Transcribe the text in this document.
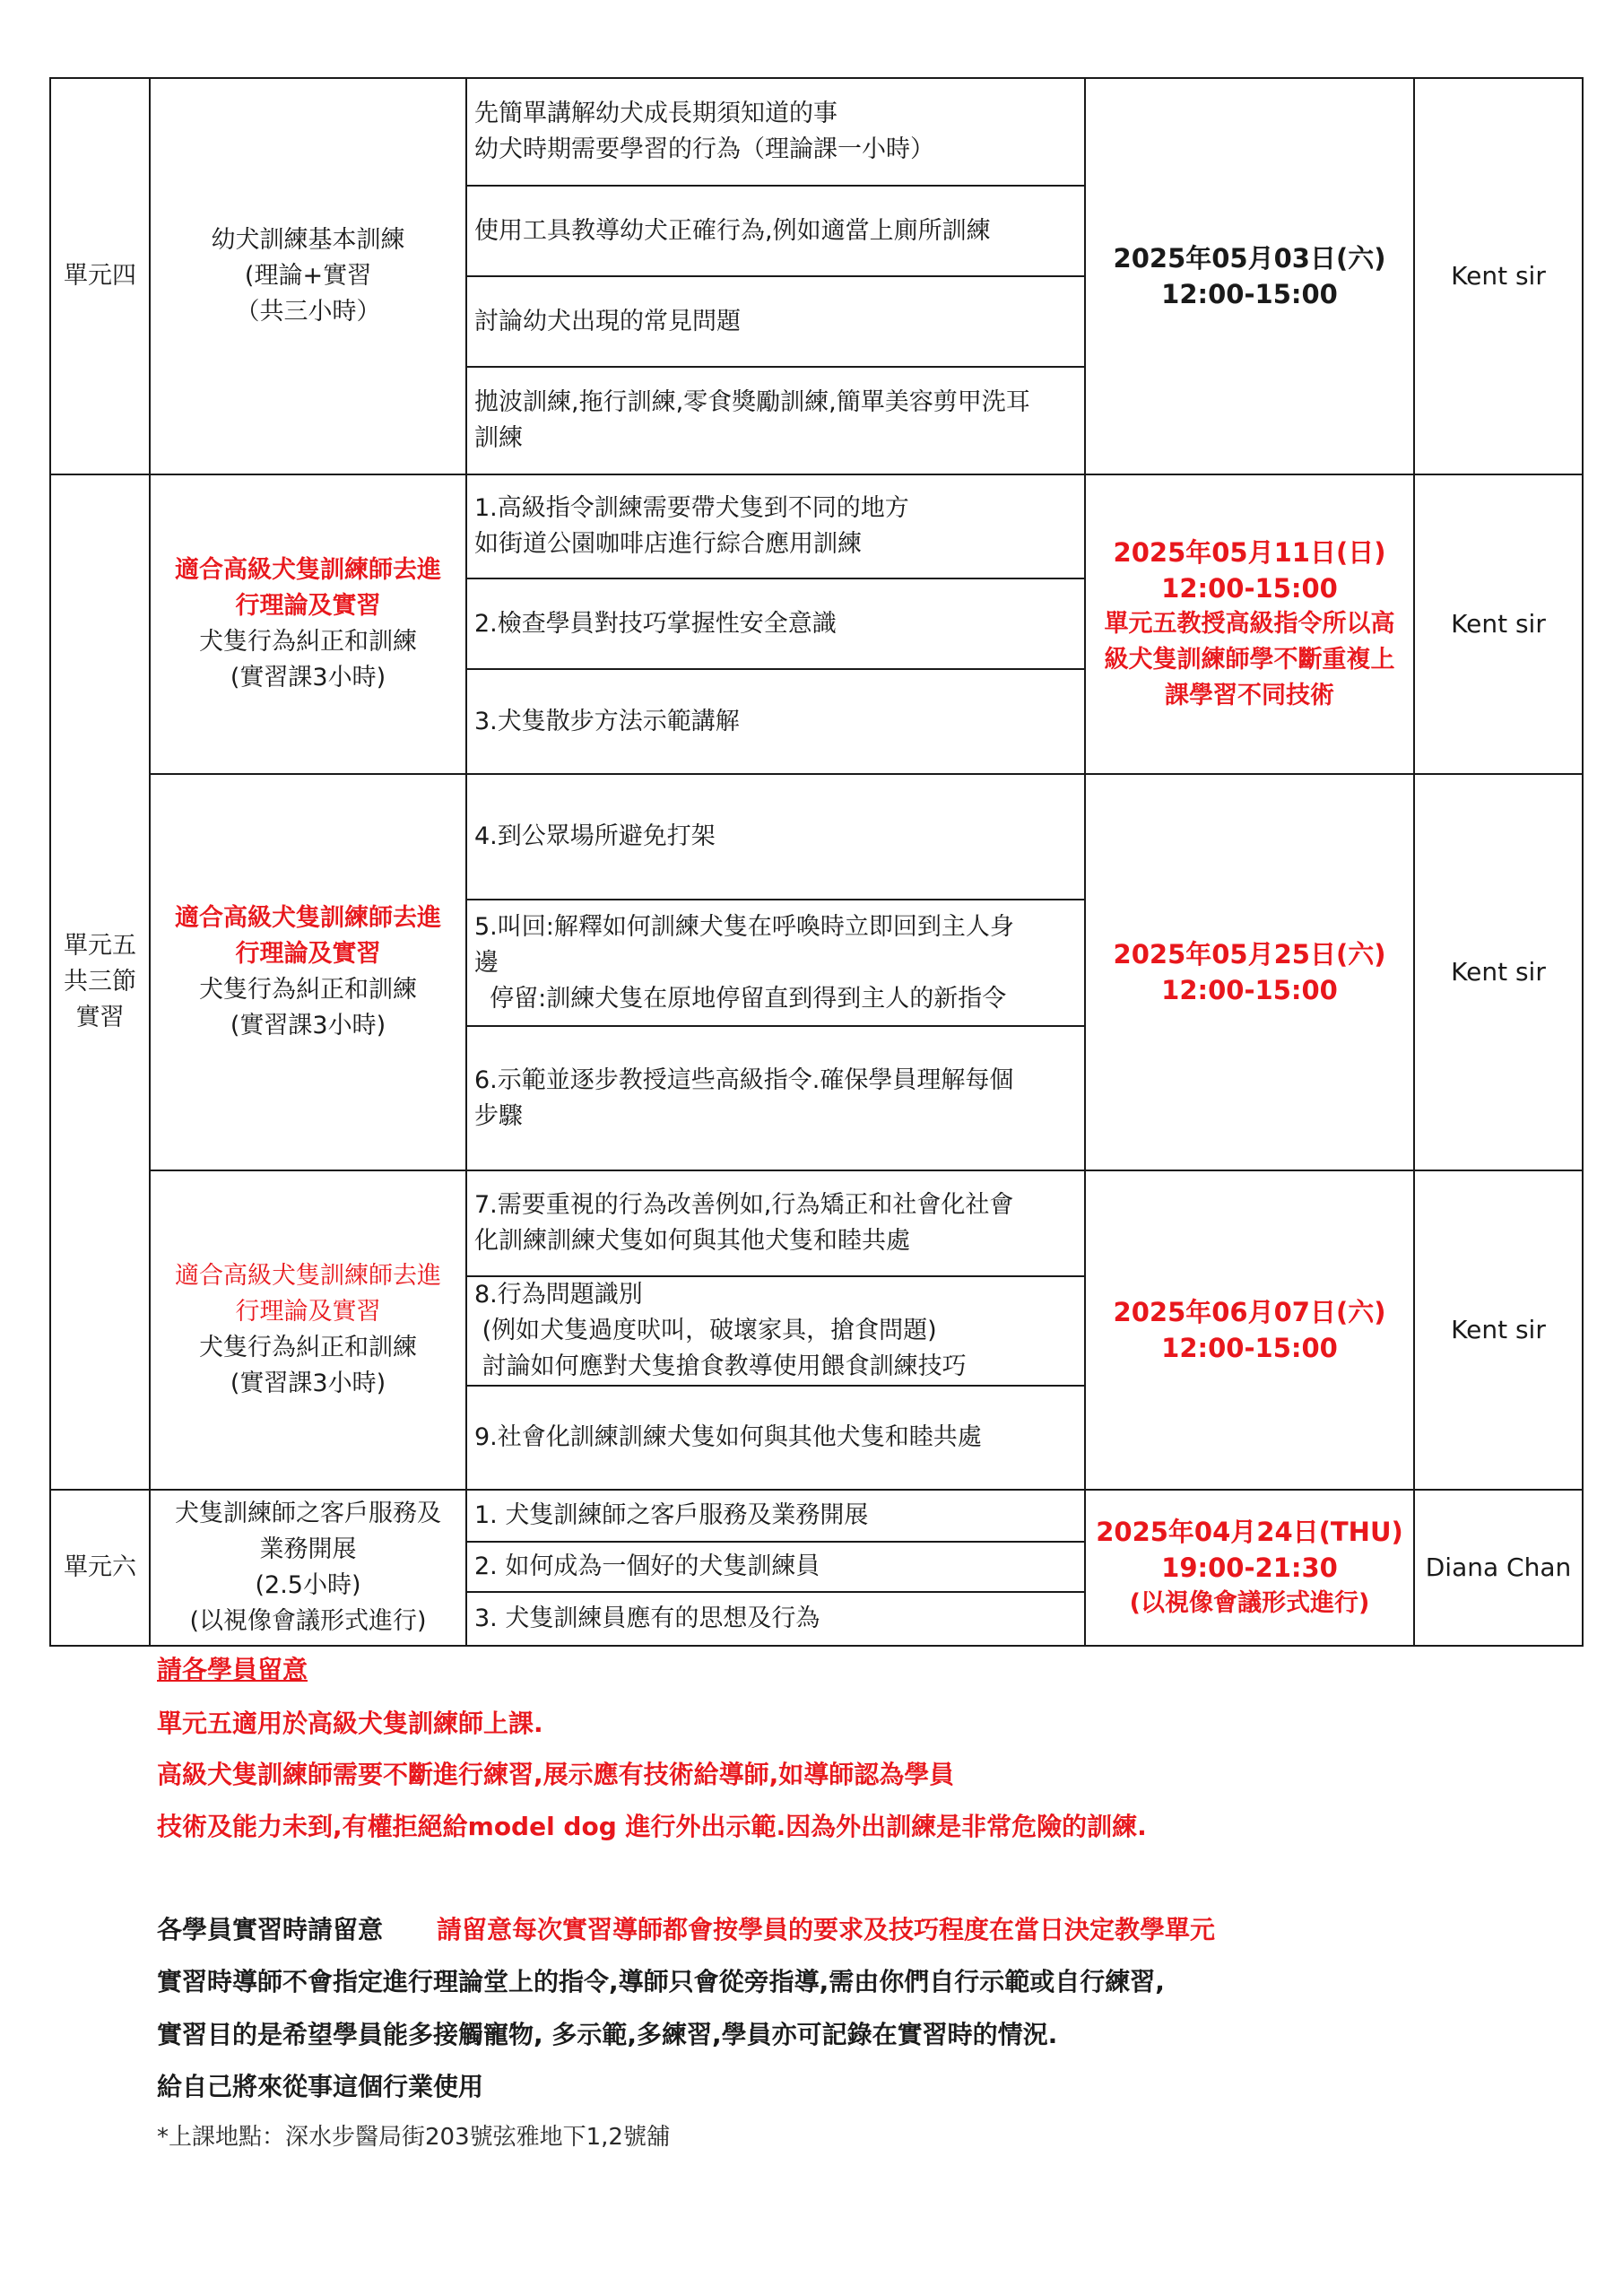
單元四	幼犬訓練基本訓練
(理論+實習
（共三小時）	先簡單講解幼犬成長期須知道的事
幼犬時期需要學習的行為（理論課一小時）	2025年05月03日(六)
12:00-15:00	Kent sir
		使用工具教導幼犬正確行為,例如適當上廁所訓練		
		討論幼犬出現的常見問題		

		拋波訓練,拖行訓練,零食獎勵訓練,簡單美容剪甲洗耳
訓練		

單元五
共三節
實習	適合高級犬隻訓練師去進
行理論及實習
犬隻行為糾正和訓練
(實習課3小時)	1.高級指令訓練需要帶犬隻到不同的地方
如街道公園咖啡店進行綜合應用訓練	2025年05月11日(日)
12:00-15:00
單元五教授高級指令所以高
級犬隻訓練師學不斷重複上
課學習不同技術	Kent sir
		2.檢查學員對技巧掌握性安全意識		
		3.犬隻散步方法示範講解		

	適合高級犬隻訓練師去進
行理論及實習
犬隻行為糾正和訓練
(實習課3小時)	4.到公眾場所避免打架	2025年05月25日(六)
12:00-15:00	Kent sir

		5.叫回:解釋如何訓練犬隻在呼喚時立即回到主人身
邊
停留:訓練犬隻在原地停留直到得到主人的新指令		

		6.示範並逐步教授這些高級指令.確保學員理解每個
步驟		

	適合高級犬隻訓練師去進
行理論及實習
犬隻行為糾正和訓練
(實習課3小時)	7.需要重視的行為改善例如,行為矯正和社會化社會
化訓練訓練犬隻如何與其他犬隻和睦共處	2025年06月07日(六)
12:00-15:00	Kent sir

		8.行為問題識別
(例如犬隻過度吠叫，破壞家具，搶食問題)
討論如何應對犬隻搶食教導使用餵食訓練技巧		

		9.社會化訓練訓練犬隻如何與其他犬隻和睦共處		
單元六	犬隻訓練師之客戶服務及
業務開展
(2.5小時)
(以視像會議形式進行)	1. 犬隻訓練師之客戶服務及業務開展	2025年04月24日(THU)
19:00-21:30
(以視像會議形式進行)	Diana Chan
		2. 如何成為一個好的犬隻訓練員		
		3. 犬隻訓練員應有的思想及行為		
請各學員留意
單元五適用於高級犬隻訓練師上課.
高級犬隻訓練師需要不斷進行練習,展示應有技術給導師,如導師認為學員
技術及能力未到,有權拒絕給model dog 進行外出示範.因為外出訓練是非常危險的訓練.
各學員實習時請留意 請留意每次實習導師都會按學員的要求及技巧程度在當日決定教學單元
實習時導師不會指定進行理論堂上的指令,導師只會從旁指導,需由你們自行示範或自行練習,
實習目的是希望學員能多接觸寵物, 多示範,多練習,學員亦可記錄在實習時的情況.
給自己將來從事這個行業使用
*上課地點：深水步醫局街203號弦雅地下1,2號舖
